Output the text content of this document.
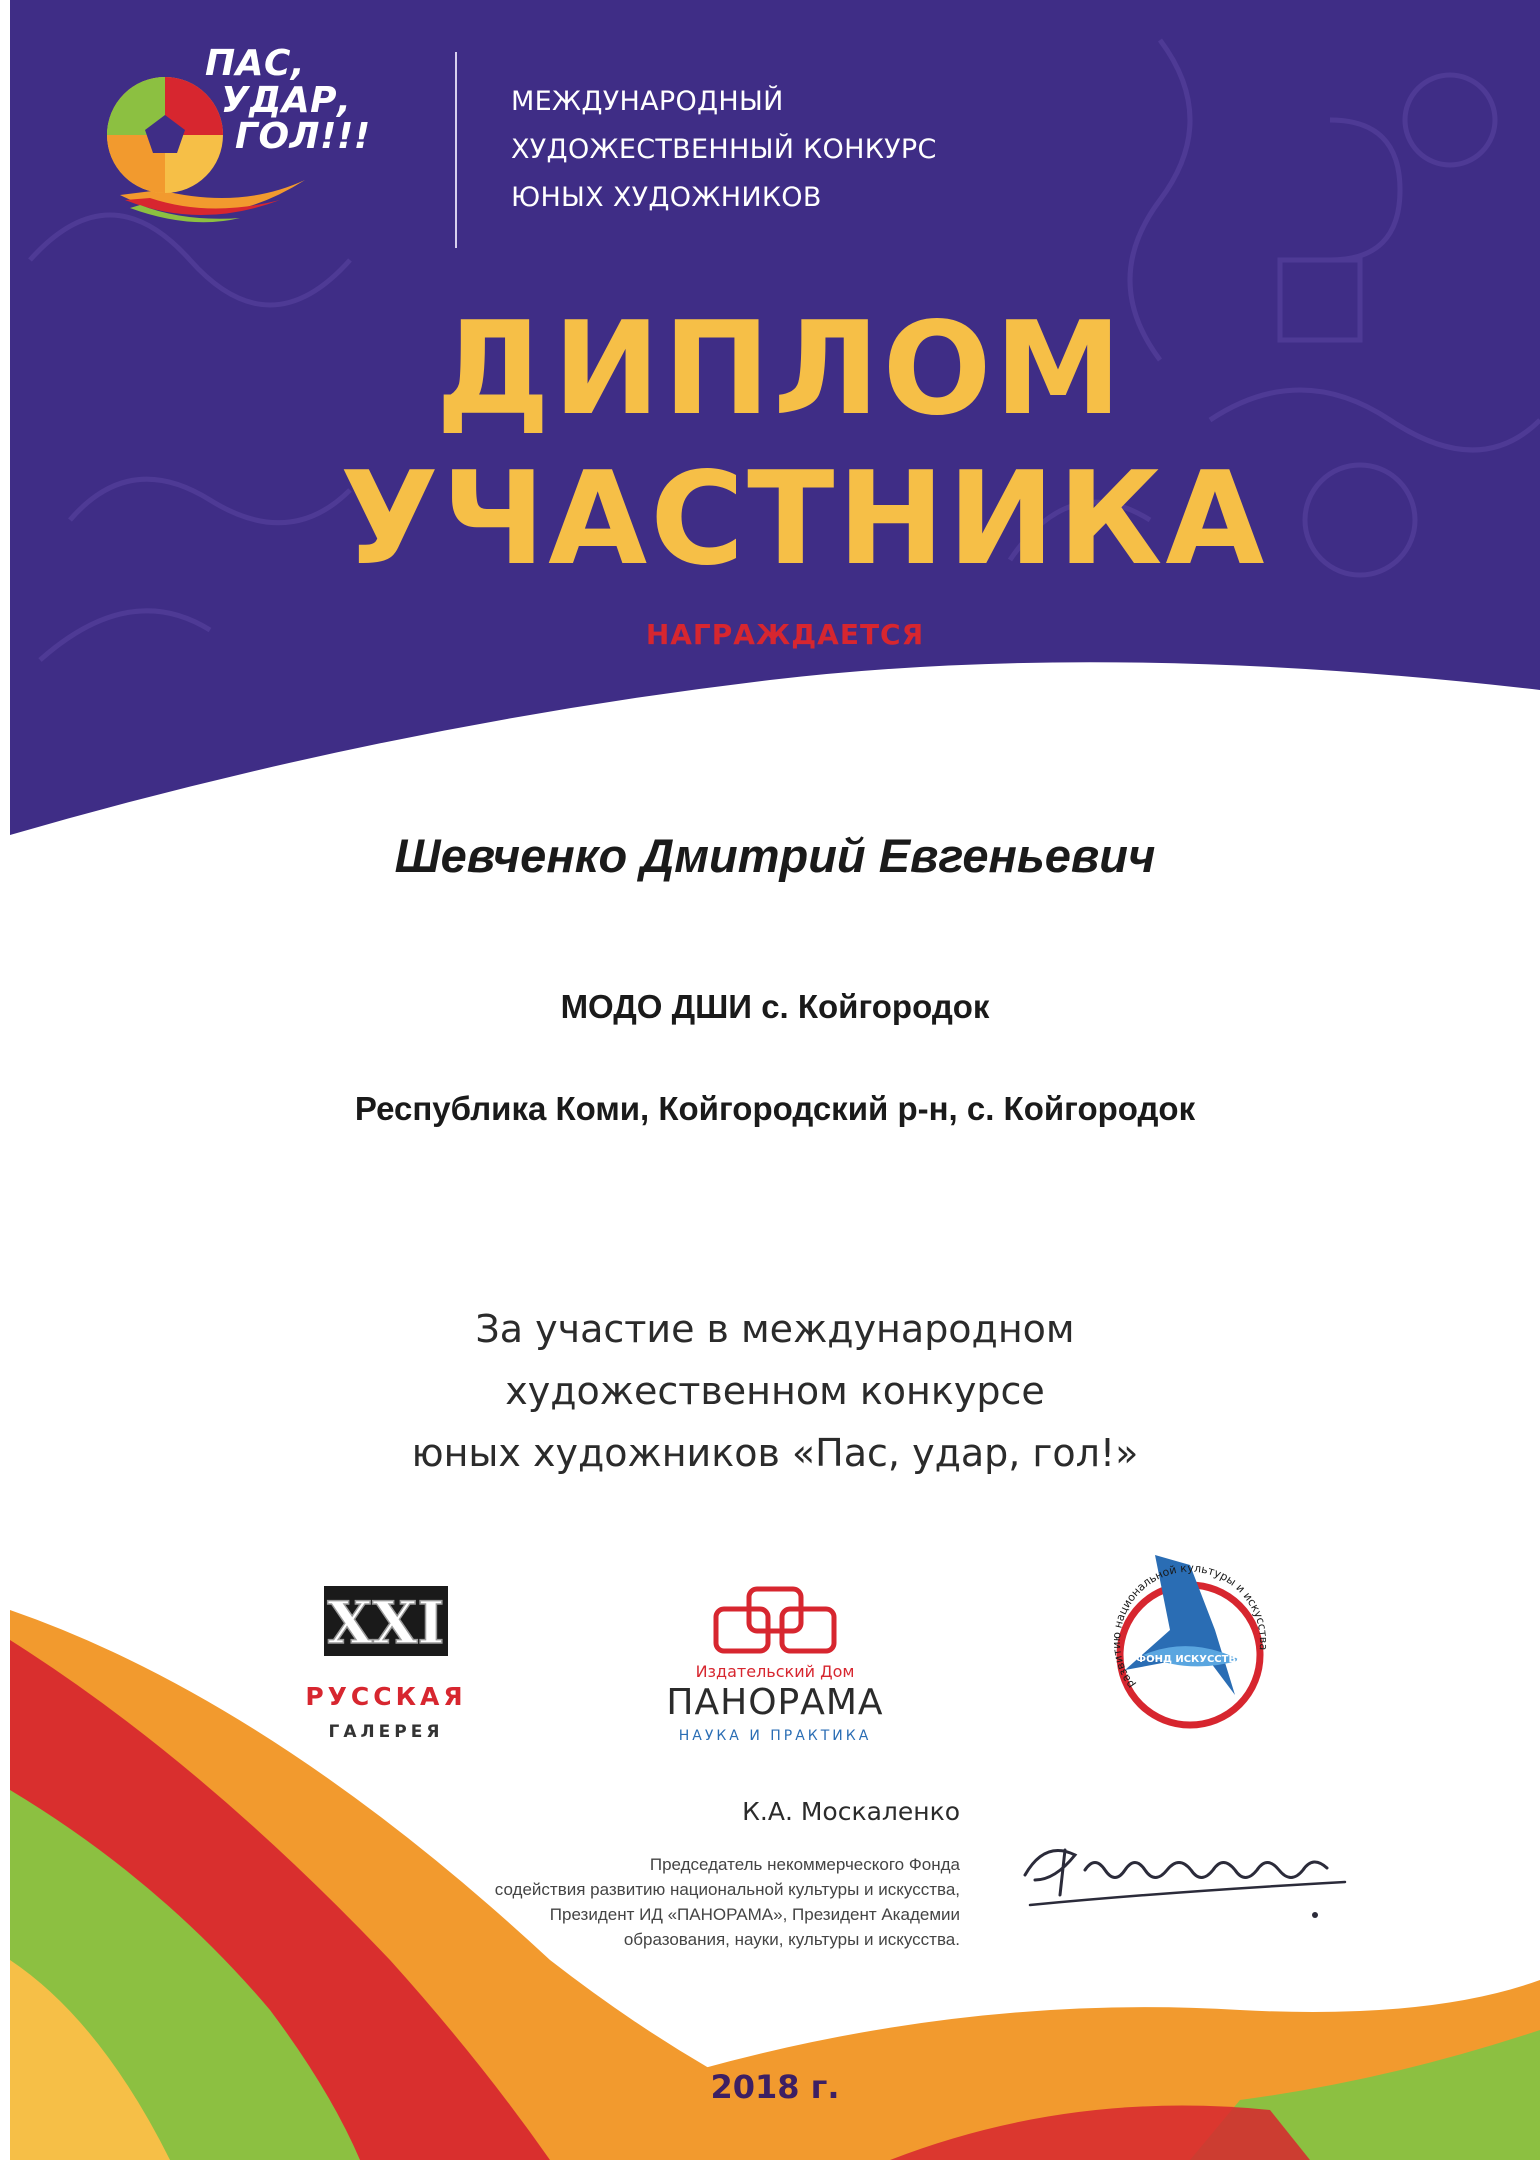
ПАС,
УДАР,
ГОЛ!!!
МЕЖДУНАРОДНЫЙ
ХУДОЖЕСТВЕННЫЙ КОНКУРС
ЮНЫХ ХУДОЖНИКОВ
ДИПЛОМ
УЧАСТНИКА
НАГРАЖДАЕТСЯ
Шевченко Дмитрий Евгеньевич
МОДО ДШИ с. Койгородок
Республика Коми, Койгородский р-н, с. Койгородок
За участие в международном
художественном конкурсе
юных художников «Пас, удар, гол!»
XXI
РУССКАЯ
ГАЛЕРЕЯ
Издательский Дом
ПАНОРАМА
НАУКА И ПРАКТИКА
развитию национальной культуры и искусства
ФОНД ИСКУССТВА
К.А. Москаленко
Председатель некоммерческого Фонда
содействия развитию национальной культуры и искусства,
Президент ИД «ПАНОРАМА», Президент Академии
образования, науки, культуры и искусства.
2018 г.
